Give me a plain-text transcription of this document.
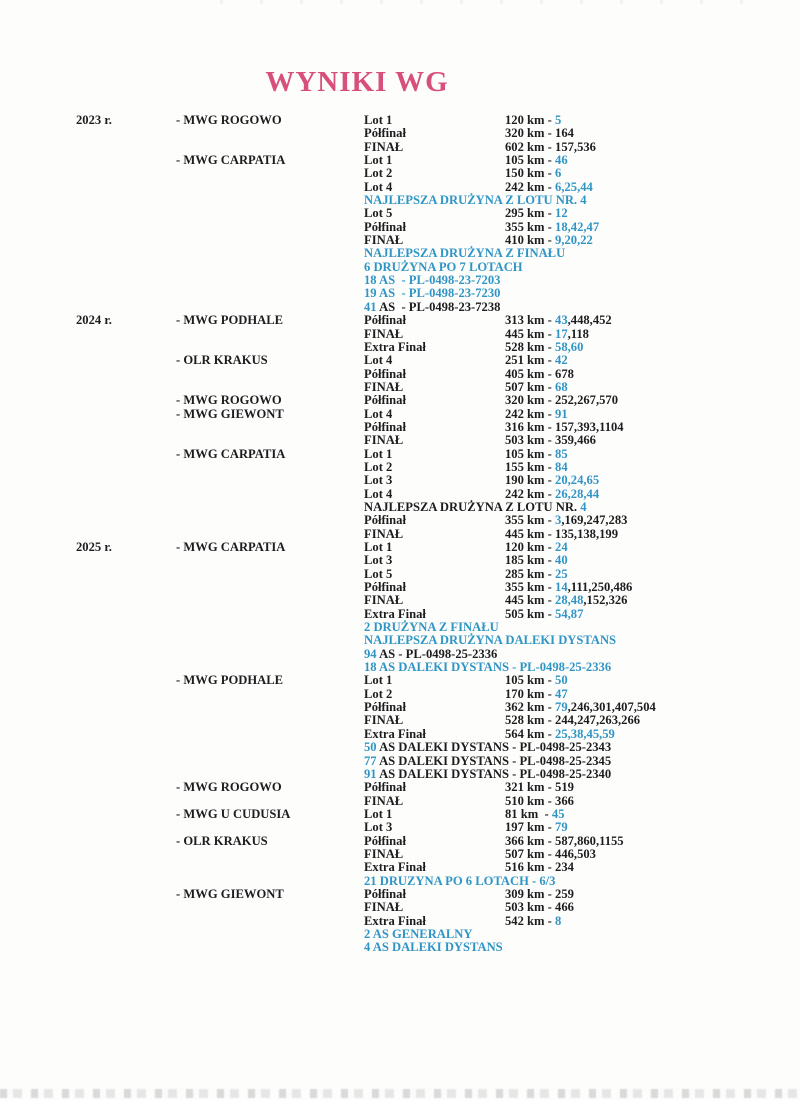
WYNIKI WG
2023 r.	- MWG ROGOWO	Lot 1	120 km - 5
Półfinał	320 km - 164
FINAŁ	602 km - 157,536
- MWG CARPATIA	Lot 1	105 km - 46
Lot 2	150 km - 6
Lot 4	242 km - 6,25,44
NAJLEPSZA DRUŻYNA Z LOTU NR. 4
Lot 5	295 km - 12
Półfinał	355 km - 18,42,47
FINAŁ	410 km - 9,20,22
NAJLEPSZA DRUŻYNA Z FINAŁU
6 DRUŻYNA PO 7 LOTACH
18 AS  - PL-0498-23-7203
19 AS  - PL-0498-23-7230
41 AS  - PL-0498-23-7238
2024 r.	- MWG PODHALE	Półfinał	313 km - 43,448,452
FINAŁ	445 km - 17,118
Extra Finał	528 km - 58,60
- OLR KRAKUS	Lot 4	251 km - 42
Półfinał	405 km - 678
FINAŁ	507 km - 68
- MWG ROGOWO	Półfinał	320 km - 252,267,570
- MWG GIEWONT	Lot 4	242 km - 91
Półfinał	316 km - 157,393,1104
FINAŁ	503 km - 359,466
- MWG CARPATIA	Lot 1	105 km - 85
Lot 2	155 km - 84
Lot 3	190 km - 20,24,65
Lot 4	242 km - 26,28,44
NAJLEPSZA DRUŻYNA Z LOTU NR. 4
Półfinał	355 km - 3,169,247,283
FINAŁ	445 km - 135,138,199
2025 r.	- MWG CARPATIA	Lot 1	120 km - 24
Lot 3	185 km - 40
Lot 5	285 km - 25
Półfinał	355 km - 14,111,250,486
FINAŁ	445 km - 28,48,152,326
Extra Finał	505 km - 54,87
2 DRUŻYNA Z FINAŁU
NAJLEPSZA DRUŻYNA DALEKI DYSTANS
94 AS - PL-0498-25-2336
18 AS DALEKI DYSTANS - PL-0498-25-2336
- MWG PODHALE	Lot 1	105 km - 50
Lot 2	170 km - 47
Półfinał	362 km - 79,246,301,407,504
FINAŁ	528 km - 244,247,263,266
Extra Finał	564 km - 25,38,45,59
50 AS DALEKI DYSTANS - PL-0498-25-2343
77 AS DALEKI DYSTANS - PL-0498-25-2345
91 AS DALEKI DYSTANS - PL-0498-25-2340
- MWG ROGOWO	Półfinał	321 km - 519
FINAŁ	510 km - 366
- MWG U CUDUSIA	Lot 1	81 km  - 45
Lot 3	197 km - 79
- OLR KRAKUS	Półfinał	366 km - 587,860,1155
FINAŁ	507 km - 446,503
Extra Finał	516 km - 234
21 DRUZYNA PO 6 LOTACH - 6/3
- MWG GIEWONT	Półfinał	309 km - 259
FINAŁ	503 km - 466
Extra Finał	542 km - 8
2 AS GENERALNY
4 AS DALEKI DYSTANS
